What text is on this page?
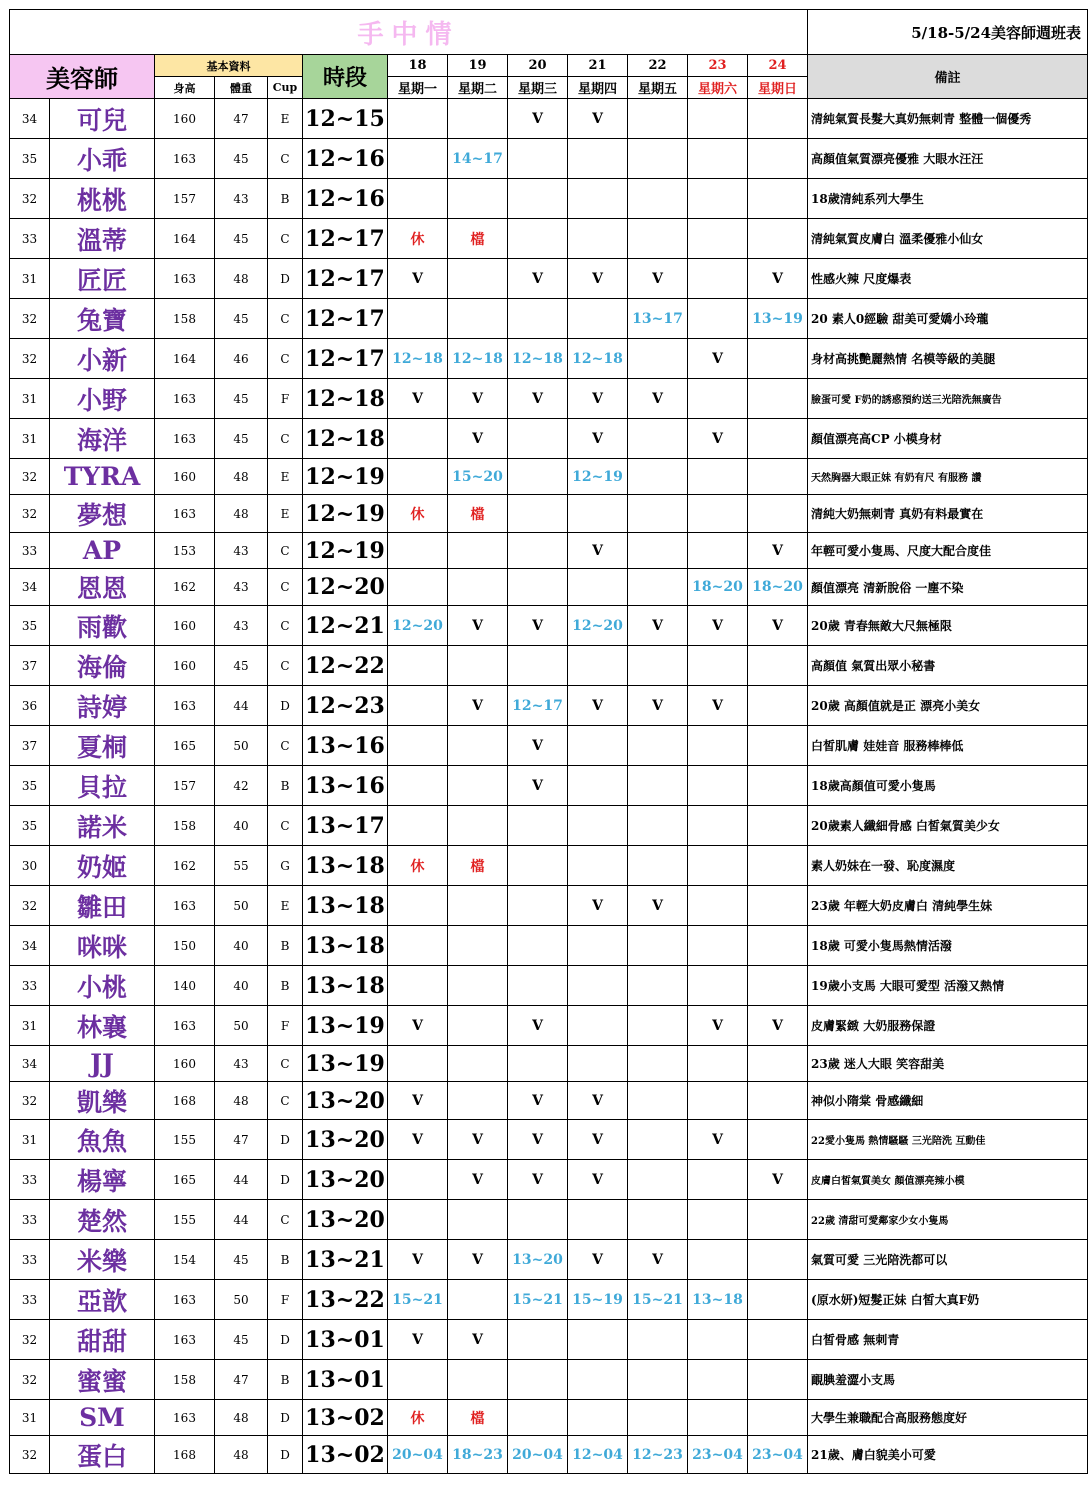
手中情													5/18-5/24美容師週班表
美容師		基本資料			時段	18	19	20	21	22	23	24	備註
		身高	體重	Cup		星期一	星期二	星期三	星期四	星期五	星期六	星期日	
34	可兒	160	47	E	12~15			V	V				清純氣質長髮大真奶無刺青 整體一個優秀
35	小乖	163	45	C	12~16		14~17						高顏值氣質漂亮優雅 大眼水汪汪
32	桃桃	157	43	B	12~16								18歲清純系列大學生
33	溫蒂	164	45	C	12~17	休	檔						清純氣質皮膚白 溫柔優雅小仙女
31	匠匠	163	48	D	12~17	V		V	V	V		V	性感火辣 尺度爆表
32	兔寶	158	45	C	12~17					13~17		13~19	20 素人0經驗 甜美可愛嬌小玲瓏
32	小新	164	46	C	12~17	12~18	12~18	12~18	12~18		V		身材高挑艷麗熱情 名模等級的美腿
31	小野	163	45	F	12~18	V	V	V	V	V			臉蛋可愛 F奶的誘惑預約送三光陪洗無廣告
31	海洋	163	45	C	12~18		V		V		V		顏值漂亮高CP 小模身材
32	TYRA	160	48	E	12~19		15~20		12~19				天然胸器大眼正妹 有奶有尺 有服務 讚
32	夢想	163	48	E	12~19	休	檔						清純大奶無刺青 真奶有料最實在
33	AP	153	43	C	12~19				V			V	年輕可愛小隻馬、尺度大配合度佳
34	恩恩	162	43	C	12~20						18~20	18~20	顏值漂亮 清新脫俗 一塵不染
35	雨歡	160	43	C	12~21	12~20	V	V	12~20	V	V	V	20歲 青春無敵大尺無極限
37	海倫	160	45	C	12~22								高顏值 氣質出眾小秘書
36	詩婷	163	44	D	12~23		V	12~17	V	V	V		20歲 高顏值就是正 漂亮小美女
37	夏桐	165	50	C	13~16			V					白皙肌膚 娃娃音 服務棒棒低
35	貝拉	157	42	B	13~16			V					18歲高顏值可愛小隻馬
35	諾米	158	40	C	13~17								20歲素人纖細骨感 白皙氣質美少女
30	奶姬	162	55	G	13~18	休	檔						素人奶妹在一發、恥度濕度
32	雛田	163	50	E	13~18				V	V			23歲 年輕大奶皮膚白 清純學生妹
34	咪咪	150	40	B	13~18								18歲 可愛小隻馬熱情活潑
33	小桃	140	40	B	13~18								19歲小支馬 大眼可愛型 活潑又熱情
31	林襄	163	50	F	13~19	V		V			V	V	皮膚緊緻 大奶服務保證
34	JJ	160	43	C	13~19								23歲 迷人大眼 笑容甜美
32	凱樂	168	48	C	13~20	V		V	V				神似小隋棠 骨感纖細
31	魚魚	155	47	D	13~20	V	V	V	V		V		22愛小隻馬 熱情騷騷 三光陪洗 互動佳
33	楊寧	165	44	D	13~20		V	V	V			V	皮膚白皙氣質美女 顏值漂亮辣小模
33	楚然	155	44	C	13~20								22歲 清甜可愛鄰家少女小隻馬
33	米樂	154	45	B	13~21	V	V	13~20	V	V			氣質可愛 三光陪洗都可以
33	亞歆	163	50	F	13~22	15~21		15~21	15~19	15~21	13~18		(原水妍)短髮正妹 白皙大真F奶
32	甜甜	163	45	D	13~01	V	V						白皙骨感 無刺青
32	蜜蜜	158	47	B	13~01								靦腆羞澀小支馬
31	SM	163	48	D	13~02	休	檔						大學生兼職配合高服務態度好
32	蛋白	168	48	D	13~02	20~04	18~23	20~04	12~04	12~23	23~04	23~04	21歲、膚白貌美小可愛
